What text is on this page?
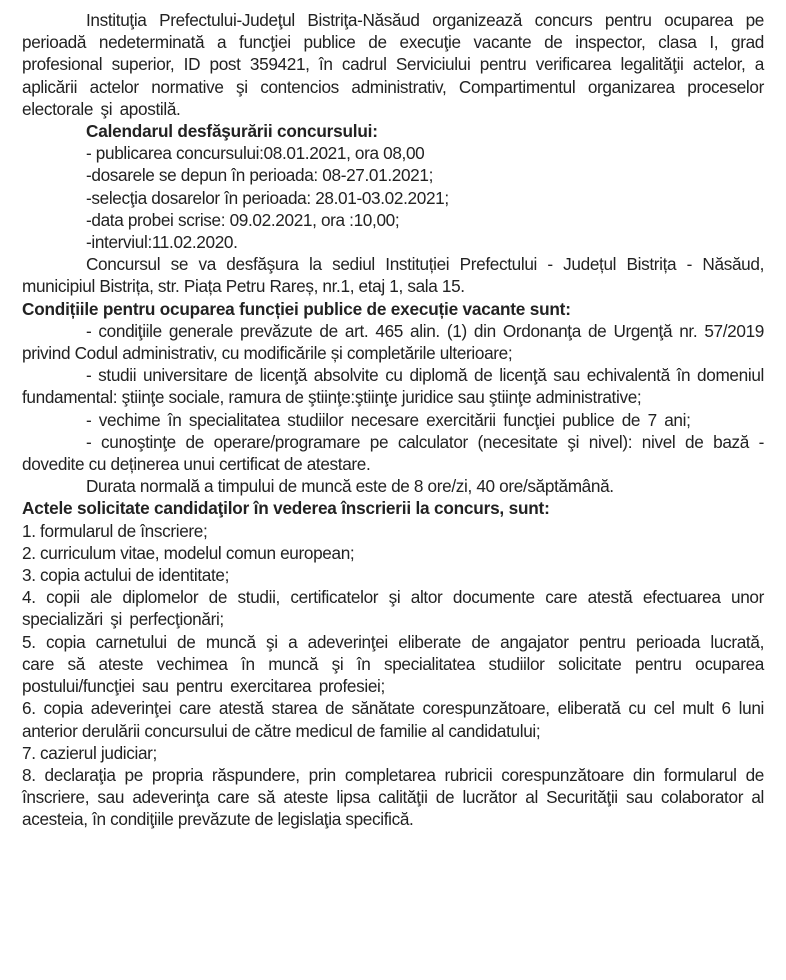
Instituţia Prefectului-Judeţul Bistriţa-Năsăud organizează concurs pentru ocuparea pe perioadă nedeterminată a funcţiei publice de execuţie vacante de inspector, clasa I, grad profesional superior, ID post 359421, în cadrul Serviciului pentru verificarea legalităţii actelor, a aplicării actelor normative şi contencios administrativ, Compartimentul organizarea proceselor electorale şi apostilă.

Calendarul desfăşurării concursului:

- publicarea concursului:08.01.2021, ora 08,00

-dosarele se depun în perioada: 08-27.01.2021;

-selecţia dosarelor în perioada: 28.01-03.02.2021;

-data probei scrise: 09.02.2021, ora :10,00;

-interviul:11.02.2020.

Concursul se va desfăşura la sediul Instituției Prefectului - Județul Bistrița - Năsăud, municipiul Bistrița, str. Piața Petru Rareș, nr.1, etaj 1, sala 15.

Condițiile pentru ocuparea funcției publice de execuție vacante sunt:

- condiţiile generale prevăzute de art. 465 alin. (1) din Ordonanţa de Urgenţă nr. 57/2019 privind Codul administrativ, cu modificările și completările ulterioare;

- studii universitare de licenţă absolvite cu diplomă de licenţă sau echivalentă în domeniul fundamental: ştiinţe sociale, ramura de ştiinţe:ştiinţe juridice sau ştiinţe administrative;

- vechime în specialitatea studiilor necesare exercitării funcţiei publice de 7 ani;

- cunoştinţe de operare/programare pe calculator (necesitate şi nivel): nivel de bază - dovedite cu deținerea unui certificat de atestare.

Durata normală a timpului de muncă este de 8 ore/zi, 40 ore/săptămână.

Actele solicitate candidaţilor în vederea înscrierii la concurs, sunt:

1. formularul de înscriere;

2. curriculum vitae, modelul comun european;

3. copia actului de identitate;

4. copii ale diplomelor de studii, certificatelor şi altor documente care atestă efectuarea unor specializări şi perfecţionări;

5. copia carnetului de muncă şi a adeverinţei eliberate de angajator pentru perioada lucrată, care să ateste vechimea în muncă şi în specialitatea studiilor solicitate pentru ocuparea postului/funcţiei sau pentru exercitarea profesiei;

6. copia adeverinţei care atestă starea de sănătate corespunzătoare, eliberată cu cel mult 6 luni anterior derulării concursului de către medicul de familie al candidatului;

7. cazierul judiciar;

8. declaraţia pe propria răspundere, prin completarea rubricii corespunzătoare din formularul de înscriere, sau adeverinţa care să ateste lipsa calităţii de lucrător al Securităţii sau colaborator al acesteia, în condiţiile prevăzute de legislaţia specifică.
